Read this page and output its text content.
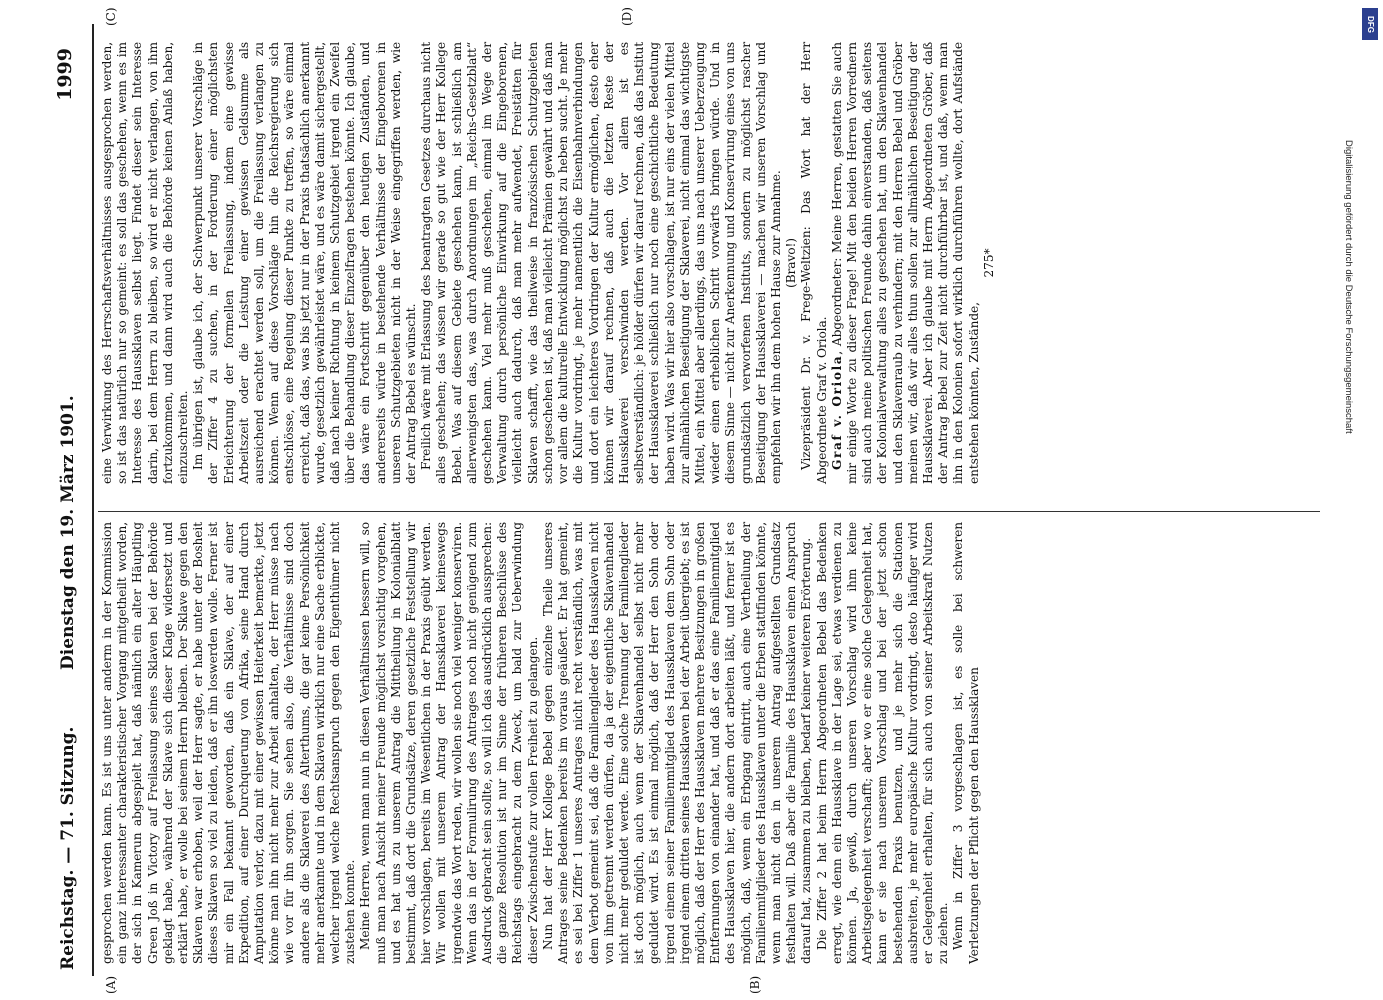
Reichstag. — 71. Sitzung.
Dienstag den 19. März 1901.
1999
(A)	(B)
(C)	(D)

gesprochen werden kann. Es ist uns unter anderm in der Kommission ein ganz interessanter charakteristischer Vorgang mitgetheilt worden, der sich in Kamerun abgespielt hat, daß nämlich ein alter Häuptling Green Joß in Victory auf Freilassung seines Sklaven bei der Behörde geklagt habe, während der Sklave sich dieser Klage widersetzt und erklärt habe, er wolle bei seinem Herrn bleiben. Der Sklave gegen den Sklaven war erhoben, weil der Herr sagte, er habe unter der Bosheit dieses Sklaven so viel zu leiden, daß er ihn loswerden wolle. Ferner ist mir ein Fall bekannt geworden, daß ein Sklave, der auf einer Expedition, auf einer Durchquerung von Afrika, seine Hand durch Amputation verlor, dazu mit einer gewissen Heiterkeit bemerkte, jetzt könne man ihn nicht mehr zur Arbeit anhalten, der Herr müsse nach wie vor für ihn sorgen. Sie sehen also, die Verhältnisse sind doch andere als die Sklaverei des Alterthums, die gar keine Persönlichkeit mehr anerkannte und in dem Sklaven wirklich nur eine Sache erblickte, welcher irgend welche Rechtsanspruch gegen den Eigenthümer nicht zustehen konnte. Meine Herren, wenn man nun in diesen Verhältnissen bessern will, so muß man nach Ansicht meiner Freunde möglichst vorsichtig vorgehen, und es hat uns zu unserem Antrag die Mittheilung in Kolonialblatt bestimmt, daß dort die Grundsätze, deren gesetzliche Feststellung wir hier vorschlagen, bereits im Wesentlichen in der Praxis geübt werden. Wir wollen mit unserem Antrag der Hanssklaverei keineswegs irgendwie das Wort reden, wir wollen sie noch viel weniger konserviren. Wenn das in der Formulirung des Antrages noch nicht genügend zum Ausdruck gebracht sein sollte, so will ich das ausdrücklich aussprechen: die ganze Resolution ist nur im Sinne der früheren Beschlüsse des Reichstags eingebracht zu dem Zweck, um bald zur Ueberwindung dieser Zwischenstufe zur vollen Freiheit zu gelangen. Nun hat der Herr Kollege Bebel gegen einzelne Theile unseres Antrages seine Bedenken bereits im voraus geäußert. Er hat gemeint, es sei bei Ziffer 1 unseres Antrages nicht recht verständlich, was mit dem Verbot gemeint sei, daß die Familienglieder des Haussklaven nicht von ihm getrennt werden dürfen, da ja der eigentliche Sklavenhandel nicht mehr geduldet werde. Eine solche Trennung der Familienglieder ist doch möglich, auch wenn der Sklavenhandel selbst nicht mehr geduldet wird. Es ist einmal möglich, daß der Herr den Sohn oder irgend einem seiner Familienmitglied des Haussklaven dem Sohn oder irgend einem dritten seines Haussklaven bei der Arbeit übergiebt; es ist möglich, daß der Herr des Haussklaven mehrere Besitzungen in großen Entfernungen von einander hat, und daß er das eine Familienmitglied des Haussklaven hier, die andern dort arbeiten läßt, und ferner ist es möglich, daß, wenn ein Erbgang eintritt, auch eine Vertheilung der Familienmitglieder des Haussklaven unter die Erben stattfinden könnte, wenn man nicht den in unserem Antrag aufgestellten Grundsatz festhalten will. Daß aber die Familie des Haussklaven einen Anspruch darauf hat, zusammen zu bleiben, bedarf keiner weiteren Erörterung. Die Ziffer 2 hat beim Herrn Abgeordneten Bebel das Bedenken erregt, wie denn ein Haussklave in der Lage sei, etwas verdienen zu können. Ja, gewiß, durch unseren Vorschlag wird ihm keine Arbeitsgelegenheit verschafft; aber wo er eine solche Gelegenheit hat, kann er sie nach unserem Vorschlag und bei der jetzt schon bestehenden Praxis benutzen, und je mehr sich die Stationen ausbreiten, je mehr europäische Kultur vordringt, desto häufiger wird er Gelegenheit erhalten, für sich auch von seiner Arbeitskraft Nutzen zu ziehen. Wenn in Ziffer 3 vorgeschlagen ist, es solle bei schweren Verletzungen der Pflicht gegen den Haussklaven

eine Verwirkung des Herrschaftsverhältnisses ausgesprochen werden, so ist das natürlich nur so gemeint: es soll das geschehen, wenn es im Interesse des Haussklaven selbst liegt. Findet dieser sein Interesse darin, bei dem Herrn zu bleiben, so wird er nicht verlangen, von ihm fortzukommen, und dann wird auch die Behörde keinen Anlaß haben, einzuschreiten. Im übrigen ist, glaube ich, der Schwerpunkt unserer Vorschläge in der Ziffer 4 zu suchen, in der Forderung einer möglichsten Erleichterung der formellen Freilassung, indem eine gewisse Arbeitszeit oder die Leistung einer gewissen Geldsumme als ausreichend erachtet werden soll, um die Freilassung verlangen zu können. Wenn auf diese Vorschläge hin die Reichsregierung sich entschlösse, eine Regelung dieser Punkte zu treffen, so wäre einmal erreicht, daß das, was bis jetzt nur in der Praxis thatsächlich anerkannt wurde, gesetzlich gewährleistet wäre, und es wäre damit sichergestellt, daß nach keiner Richtung in keinem Schutzgebiet irgend ein Zweifel über die Behandlung dieser Einzelfragen bestehen könnte. Ich glaube, das wäre ein Fortschritt gegenüber den heutigen Zuständen, und andererseits würde in bestehende Verhältnisse der Eingeborenen in unseren Schutzgebieten nicht in der Weise eingegriffen werden, wie der Antrag Bebel es wünscht. Freilich wäre mit Erlassung des beantragten Gesetzes durchaus nicht alles geschehen; das wissen wir gerade so gut wie der Herr Kollege Bebel. Was auf diesem Gebiete geschehen kann, ist schließlich am allerwenigsten das, was durch Anordnungen im „Reichs-Gesetzblatt“ geschehen kann. Viel mehr muß geschehen, einmal im Wege der Verwaltung durch persönliche Einwirkung auf die Eingeborenen, vielleicht auch dadurch, daß man mehr aufwendet, Freistätten für Sklaven schafft, wie das theilweise in französischen Schutzgebieten schon geschehen ist, daß man vielleicht Prämien gewährt und daß man vor allem die kulturelle Entwicklung möglichst zu heben sucht. Je mehr die Kultur vordringt, je mehr namentlich die Eisenbahnverbindungen und dort ein leichteres Vordringen der Kultur ermöglichen, desto eher können wir darauf rechnen, daß auch die letzten Reste der Haussklaverei verschwinden werden. Vor allem ist es selbstverständlich: je hölder dürfen wir darauf rechnen, daß das Institut der Haussklaverei schließlich nur noch eine geschichtliche Bedeutung haben wird. Was wir hier also vorschlagen, ist nur eins der vielen Mittel zur allmählichen Beseitigung der Sklaverei, nicht einmal das wichtigste Mittel, ein Mittel aber allerdings, das uns nach unserer Ueberzeugung wieder einen erheblichen Schritt vorwärts bringen würde. Und in diesem Sinne — nicht zur Anerkennung und Konservirung eines von uns grundsätzlich verworfenen Instituts, sondern zu möglichst rascher Beseitigung der Haussklaverei — machen wir unseren Vorschlag und empfehlen wir ihn dem hohen Hause zur Annahme. (Bravo!) Vizepräsident Dr. v. Frege-Weltzien: Das Wort hat der Herr Abgeordnete Graf v. Oriola. Graf v. Oriola, Abgeordneter: Meine Herren, gestatten Sie auch mir einige Worte zu dieser Frage! Mit den beiden Herren Vorrednern sind auch meine politischen Freunde dahin einverstanden, daß seitens der Kolonialverwaltung alles zu geschehen hat, um den Sklavenhandel und den Sklavenraub zu verhindern; mit den Herren Bebel und Gröber meinen wir, daß wir alles thun sollen zur allmählichen Beseitigung der Haussklaverei. Aber ich glaube mit Herrn Abgeordneten Gröber, daß der Antrag Bebel zur Zeit nicht durchführbar ist, und daß, wenn man ihn in den Kolonien sofort wirklich durchführen wollte, dort Aufstände entstehen könnten, Zustände,

275*	Digitalisierung gefördert durch die Deutsche Forschungsgemeinschaft
DFG
